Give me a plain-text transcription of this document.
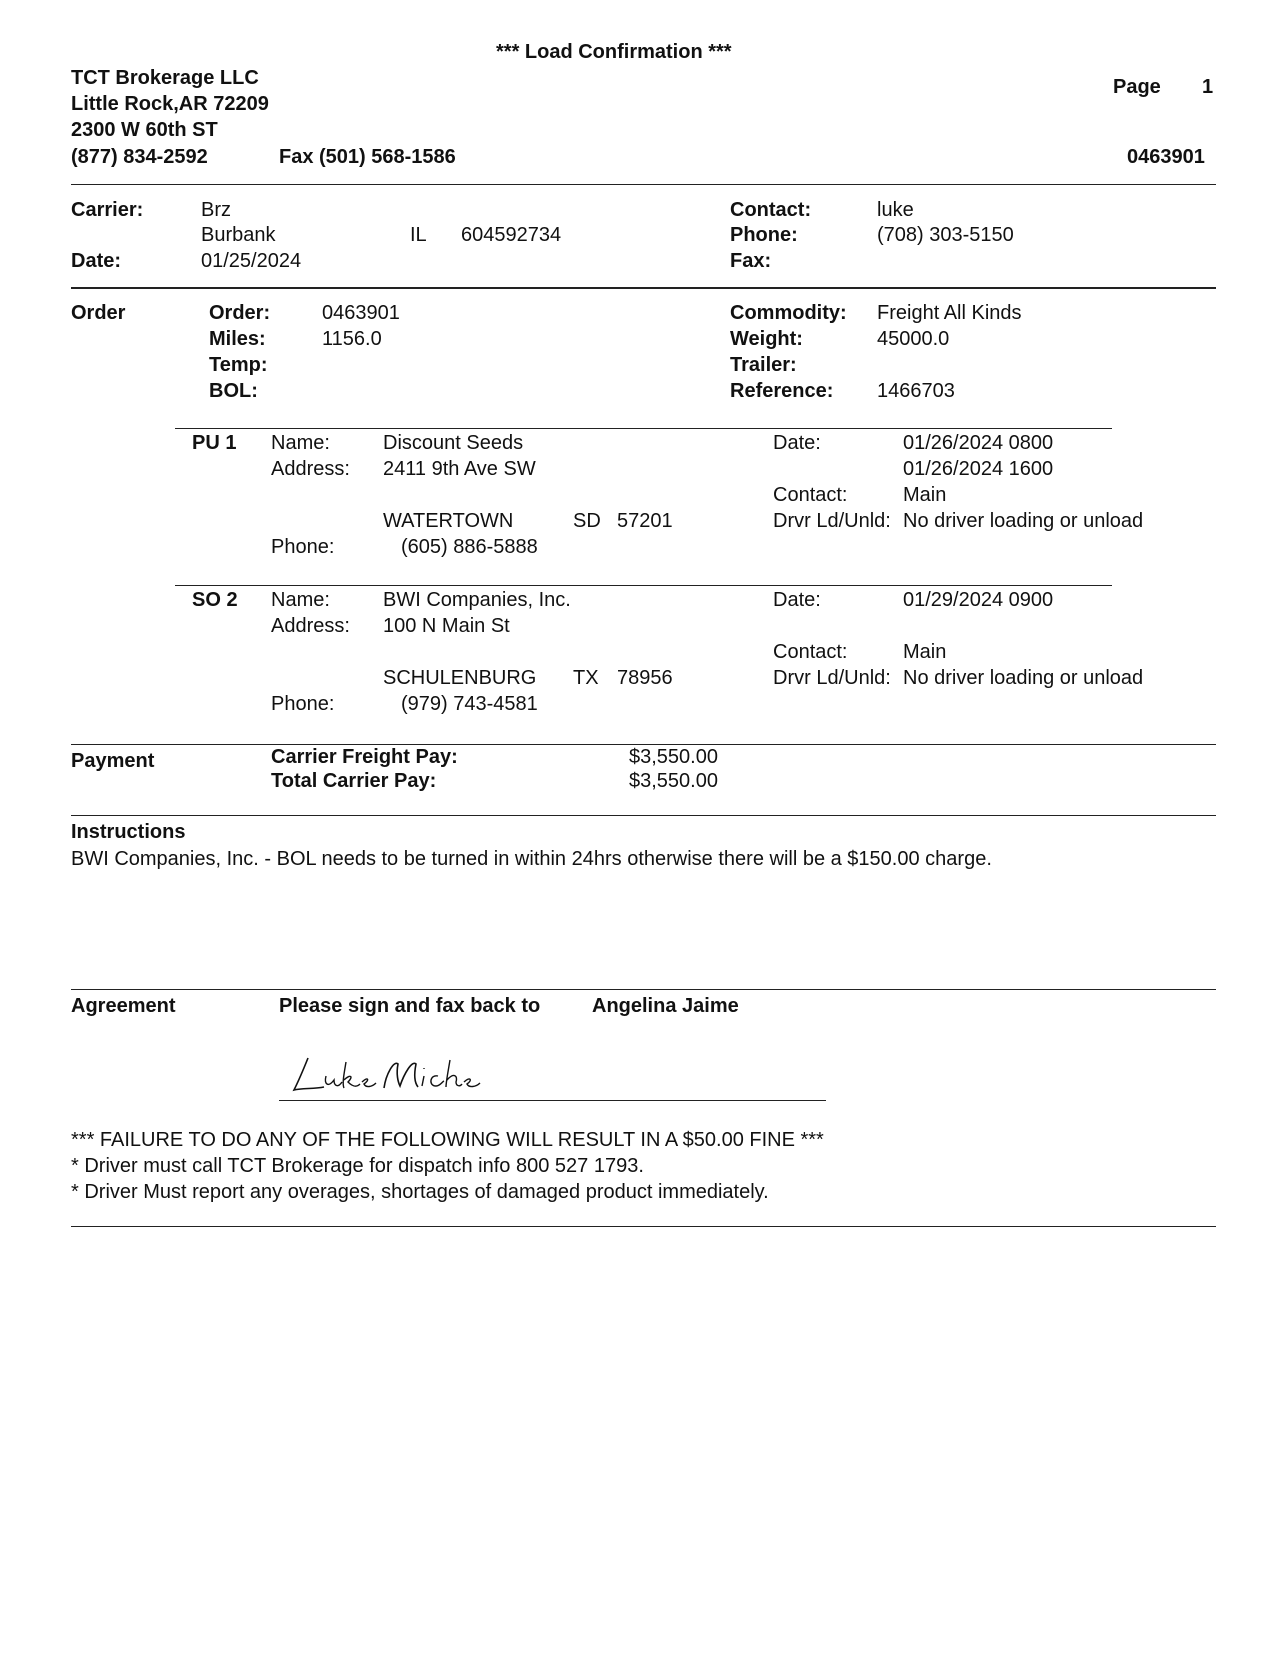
*** Load Confirmation ***
TCT Brokerage LLC
Little Rock,AR 72209
2300 W 60th ST
(877) 834-2592	Fax (501) 568-1586
Page 1
0463901
Carrier:	Brz
Burbank	IL 604592734
Date:	01/25/2024
Contact:	luke
Phone:	(708) 303-5150
Fax:
Order	Order:	0463901
Miles:	1156.0
Temp:
BOL:
Commodity: Freight All Kinds
Weight:	45000.0
Trailer:
Reference: 1466703
PU 1 Name:	Discount Seeds
Address: 2411 9th Ave SW
WATERTOWN	SD 57201
Phone:	(605) 886-5888
Date:	01/26/2024 0800
01/26/2024 1600
Contact:	Main
Drvr Ld/Unld: No driver loading or unload
SO 2 Name:	BWI Companies, Inc.
Address: 100 N Main St
SCHULENBURG TX 78956
Phone:	(979) 743-4581
Date:	01/29/2024 0900
Contact:	Main
Drvr Ld/Unld: No driver loading or unload
Payment	Carrier Freight Pay:	$3,550.00
Total Carrier Pay:	$3,550.00
Instructions
BWI Companies, Inc. - BOL needs to be turned in within 24hrs otherwise there will be a $150.00 charge.
Agreement	Please sign and fax back to	Angelina Jaime
*** FAILURE TO DO ANY OF THE FOLLOWING WILL RESULT IN A $50.00 FINE ***
* Driver must call TCT Brokerage for dispatch info 800 527 1793.
* Driver Must report any overages, shortages of damaged product immediately.
